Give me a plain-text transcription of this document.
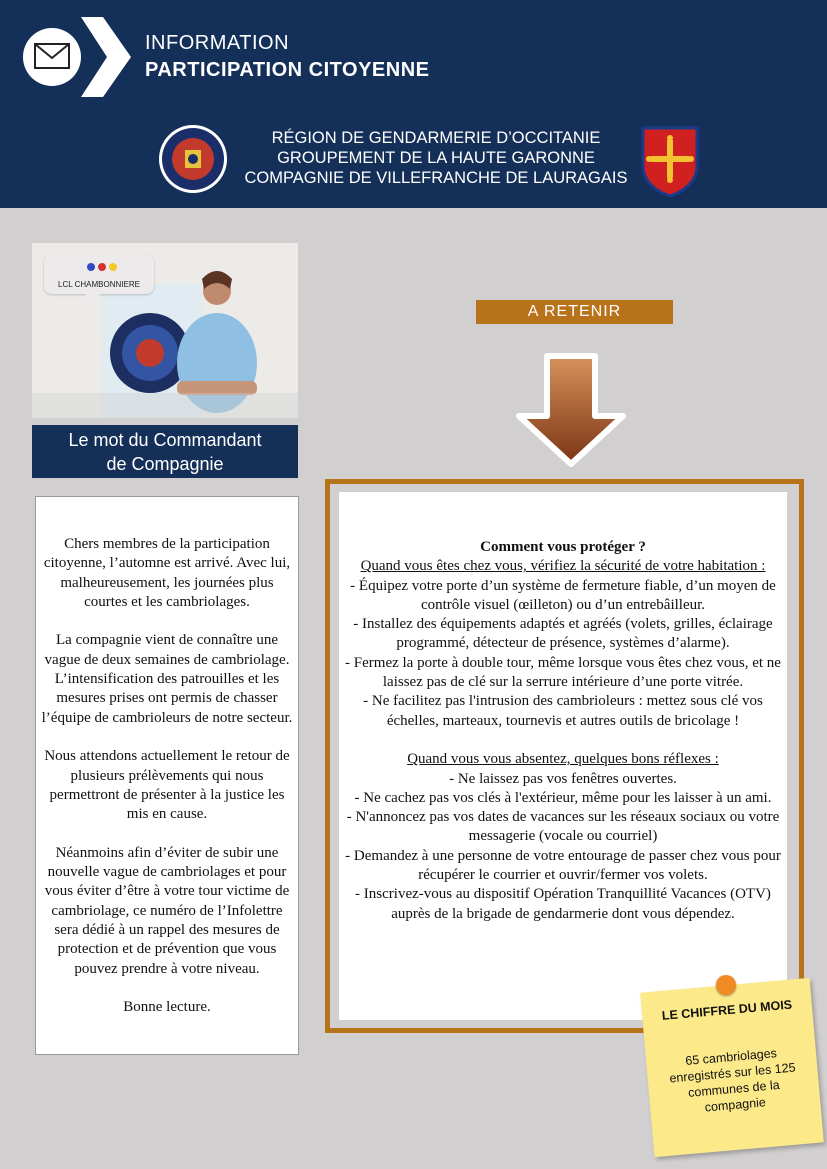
INFORMATION
PARTICIPATION CITOYENNE
RÉGION DE GENDARMERIE D’OCCITANIE
GROUPEMENT DE LA HAUTE GARONNE
COMPAGNIE DE VILLEFRANCHE DE LAURAGAIS
LCL CHAMBONNIERE
Le mot du Commandant
de Compagnie

Chers membres de la participation citoyenne, l’automne est arrivé. Avec lui, malheureusement, les journées plus courtes et les cambriolages.

La compagnie vient de connaître une vague de deux semaines de cambriolage. L’intensification des patrouilles et les mesures prises ont permis de chasser l’équipe de cambrioleurs de notre secteur.

Nous attendons actuellement le retour de plusieurs prélèvements qui nous permettront de présenter à la justice les mis en cause.

Néanmoins afin d’éviter de subir une nouvelle vague de cambriolages et pour vous éviter d’être à votre tour victime de cambriolage, ce numéro de l’Infolettre sera dédié à un rappel des mesures de protection et de prévention que vous pouvez prendre à votre niveau.

Bonne lecture.

A RETENIR

Comment vous protéger ?

Quand vous êtes chez vous, vérifiez la sécurité de votre habitation :

- Équipez votre porte d’un système de fermeture fiable, d’un moyen de contrôle visuel (œilleton) ou d’un entrebâilleur.

- Installez des équipements adaptés et agréés (volets, grilles, éclairage programmé, détecteur de présence, systèmes d’alarme).

- Fermez la porte à double tour, même lorsque vous êtes chez vous, et ne laissez pas de clé sur la serrure intérieure d’une porte vitrée.

- Ne facilitez pas l'intrusion des cambrioleurs : mettez sous clé vos échelles, marteaux, tournevis et autres outils de bricolage !

Quand vous vous absentez, quelques bons réflexes :

- Ne laissez pas vos fenêtres ouvertes.

- Ne cachez pas vos clés à l'extérieur, même pour les laisser à un ami.

- N'annoncez pas vos dates de vacances sur les réseaux sociaux ou votre messagerie (vocale ou courriel)

- Demandez à une personne de votre entourage de passer chez vous pour récupérer le courrier et ouvrir/fermer vos volets.

- Inscrivez-vous au dispositif Opération Tranquillité Vacances (OTV) auprès de la brigade de gendarmerie dont vous dépendez.

LE CHIFFRE DU MOIS
65 cambriolages enregistrés sur les 125 communes de la compagnie
